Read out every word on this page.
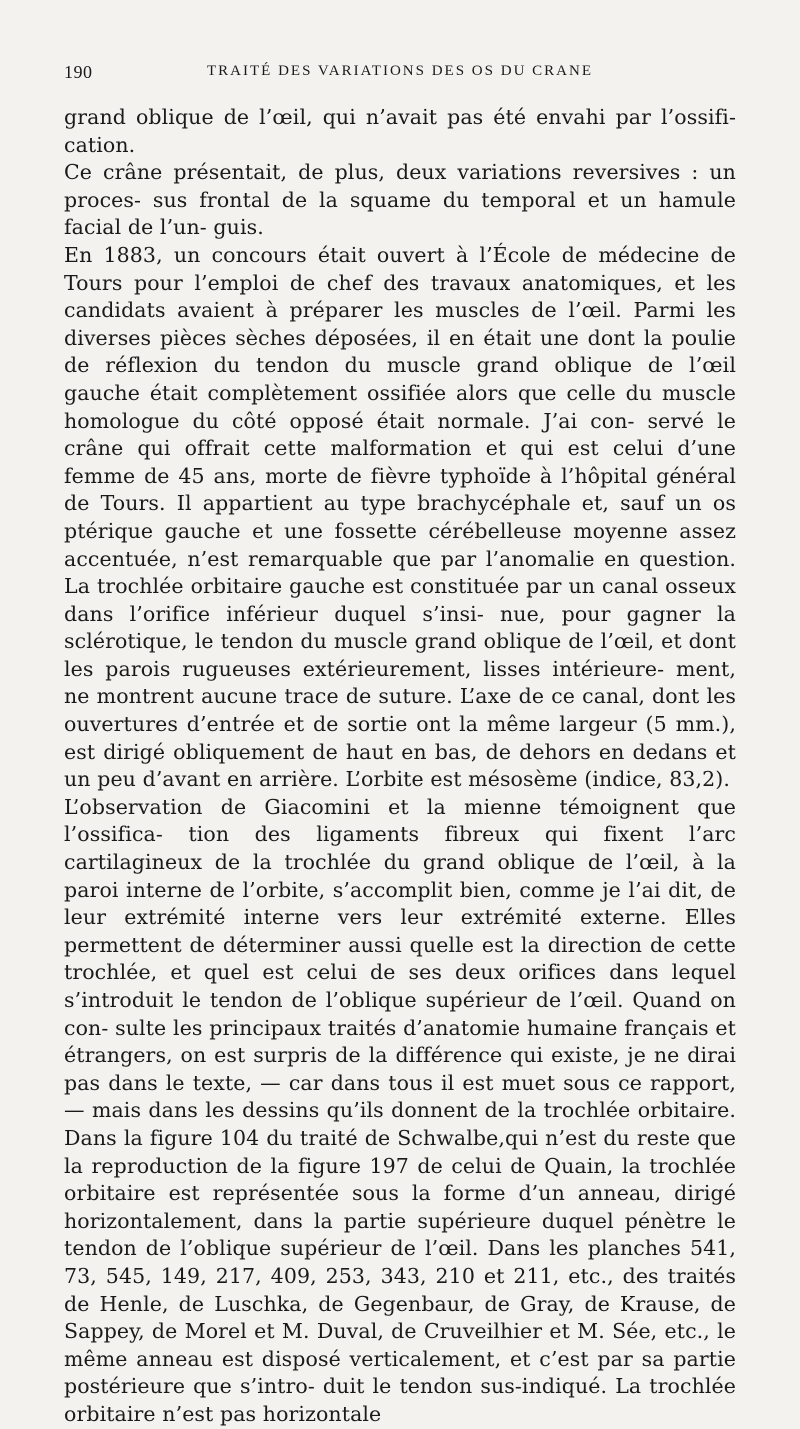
190	TRAITÉ DES VARIATIONS DES OS DU CRANE

grand oblique de l’œil, qui n’avait pas été envahi par l’ossifi- cation.

Ce crâne présentait, de plus, deux variations reversives : un proces- sus frontal de la squame du temporal et un hamule facial de l’un- guis.

En 1883, un concours était ouvert à l’École de médecine de Tours pour l’emploi de chef des travaux anatomiques, et les candidats avaient à préparer les muscles de l’œil. Parmi les diverses pièces sèches déposées, il en était une dont la poulie de réflexion du tendon du muscle grand oblique de l’œil gauche était complètement ossifiée alors que celle du muscle homologue du côté opposé était normale. J’ai con- servé le crâne qui offrait cette malformation et qui est celui d’une femme de 45 ans, morte de fièvre typhoïde à l’hôpital général de Tours. Il appartient au type brachycéphale et, sauf un os ptérique gauche et une fossette cérébelleuse moyenne assez accentuée, n’est remarquable que par l’anomalie en question. La trochlée orbitaire gauche est constituée par un canal osseux dans l’orifice inférieur duquel s’insi- nue, pour gagner la sclérotique, le tendon du muscle grand oblique de l’œil, et dont les parois rugueuses extérieurement, lisses intérieure- ment, ne montrent aucune trace de suture. L’axe de ce canal, dont les ouvertures d’entrée et de sortie ont la même largeur (5 mm.), est dirigé obliquement de haut en bas, de dehors en dedans et un peu d’avant en arrière. L’orbite est mésosème (indice, 83,2).

L’observation de Giacomini et la mienne témoignent que l’ossifica- tion des ligaments fibreux qui fixent l’arc cartilagineux de la trochlée du grand oblique de l’œil, à la paroi interne de l’orbite, s’accomplit bien, comme je l’ai dit, de leur extrémité interne vers leur extrémité externe. Elles permettent de déterminer aussi quelle est la direction de cette trochlée, et quel est celui de ses deux orifices dans lequel s’introduit le tendon de l’oblique supérieur de l’œil. Quand on con- sulte les principaux traités d’anatomie humaine français et étrangers, on est surpris de la différence qui existe, je ne dirai pas dans le texte, — car dans tous il est muet sous ce rapport, — mais dans les dessins qu’ils donnent de la trochlée orbitaire. Dans la figure 104 du traité de Schwalbe,qui n’est du reste que la reproduction de la figure 197 de celui de Quain, la trochlée orbitaire est représentée sous la forme d’un anneau, dirigé horizontalement, dans la partie supérieure duquel pénètre le tendon de l’oblique supérieur de l’œil. Dans les planches 541, 73, 545, 149, 217, 409, 253, 343, 210 et 211, etc., des traités de Henle, de Luschka, de Gegenbaur, de Gray, de Krause, de Sappey, de Morel et M. Duval, de Cruveilhier et M. Sée, etc., le même anneau est disposé verticalement, et c’est par sa partie postérieure que s’intro- duit le tendon sus-indiqué. La trochlée orbitaire n’est pas horizontale
